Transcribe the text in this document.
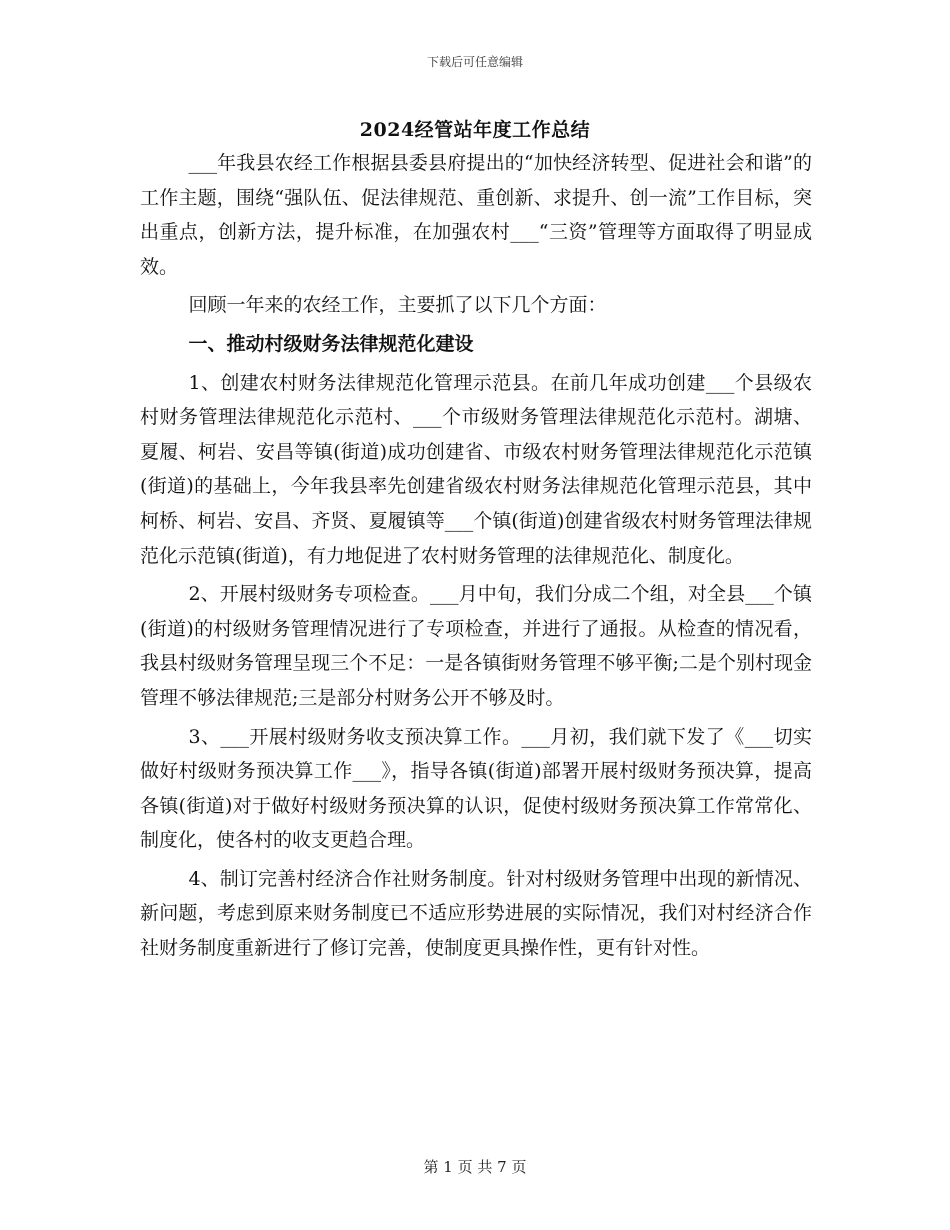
下载后可任意编辑
2024经管站年度工作总结

___年我县农经工作根据县委县府提出的“加快经济转型、促进社会和谐”的工作主题，围绕“强队伍、促法律规范、重创新、求提升、创一流”工作目标，突出重点，创新方法，提升标准，在加强农村___“三资”管理等方面取得了明显成效。

回顾一年来的农经工作，主要抓了以下几个方面：

一、推动村级财务法律规范化建设

1、创建农村财务法律规范化管理示范县。在前几年成功创建___个县级农村财务管理法律规范化示范村、___个市级财务管理法律规范化示范村。湖塘、夏履、柯岩、安昌等镇(街道)成功创建省、市级农村财务管理法律规范化示范镇(街道)的基础上，今年我县率先创建省级农村财务法律规范化管理示范县，其中柯桥、柯岩、安昌、齐贤、夏履镇等___个镇(街道)创建省级农村财务管理法律规范化示范镇(街道)，有力地促进了农村财务管理的法律规范化、制度化。

2、开展村级财务专项检查。___月中旬，我们分成二个组，对全县___个镇(街道)的村级财务管理情况进行了专项检查，并进行了通报。从检查的情况看，我县村级财务管理呈现三个不足：一是各镇街财务管理不够平衡;二是个别村现金管理不够法律规范;三是部分村财务公开不够及时。

3、___开展村级财务收支预决算工作。___月初，我们就下发了《___切实做好村级财务预决算工作___》，指导各镇(街道)部署开展村级财务预决算，提高各镇(街道)对于做好村级财务预决算的认识，促使村级财务预决算工作常常化、制度化，使各村的收支更趋合理。

4、制订完善村经济合作社财务制度。针对村级财务管理中出现的新情况、新问题，考虑到原来财务制度已不适应形势进展的实际情况，我们对村经济合作社财务制度重新进行了修订完善，使制度更具操作性，更有针对性。

第 1 页 共 7 页
